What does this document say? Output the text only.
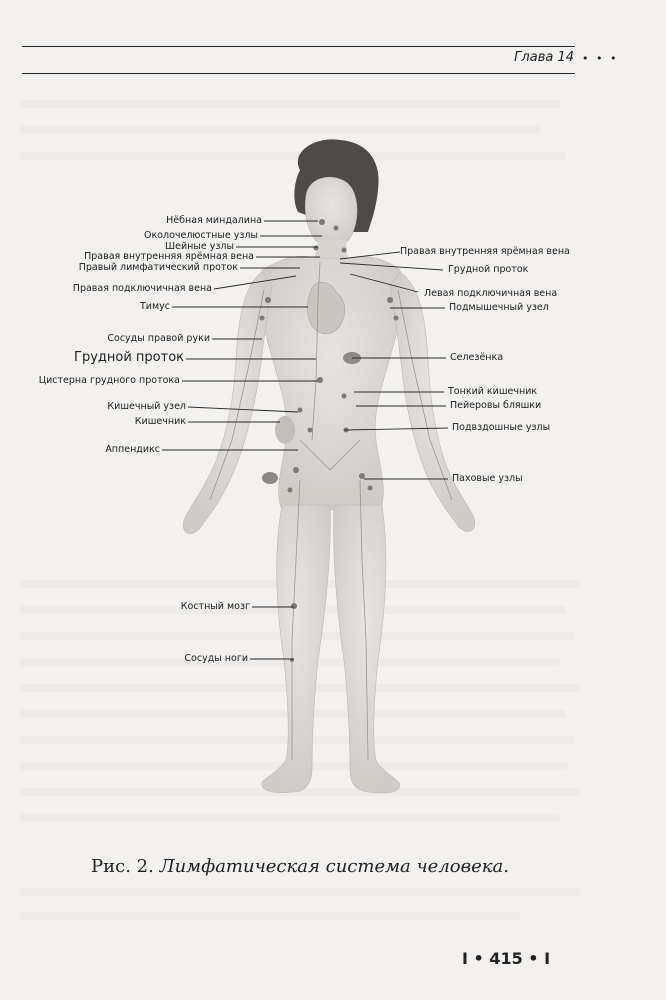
Глава 14 • • •
Нёбная миндалина
Околочелюстные узлы
Шейные узлы
Правая внутренняя ярёмная вена
Правый лимфатический проток
Правая подключичная вена
Тимус
Сосуды правой руки
Грудной проток
Цистерна грудного протока
Кишечный узел
Кишечник
Аппендикс
Костный мозг
Сосуды ноги
Правая внутренняя ярёмная вена
Грудной проток
Левая подключичная вена
Подмышечный узел
Селезёнка
Тонкий кишечник
Пейеровы бляшки
Подвздошные узлы
Паховые узлы
Рис. 2. Лимфатическая система человека.
I • 415 • I
